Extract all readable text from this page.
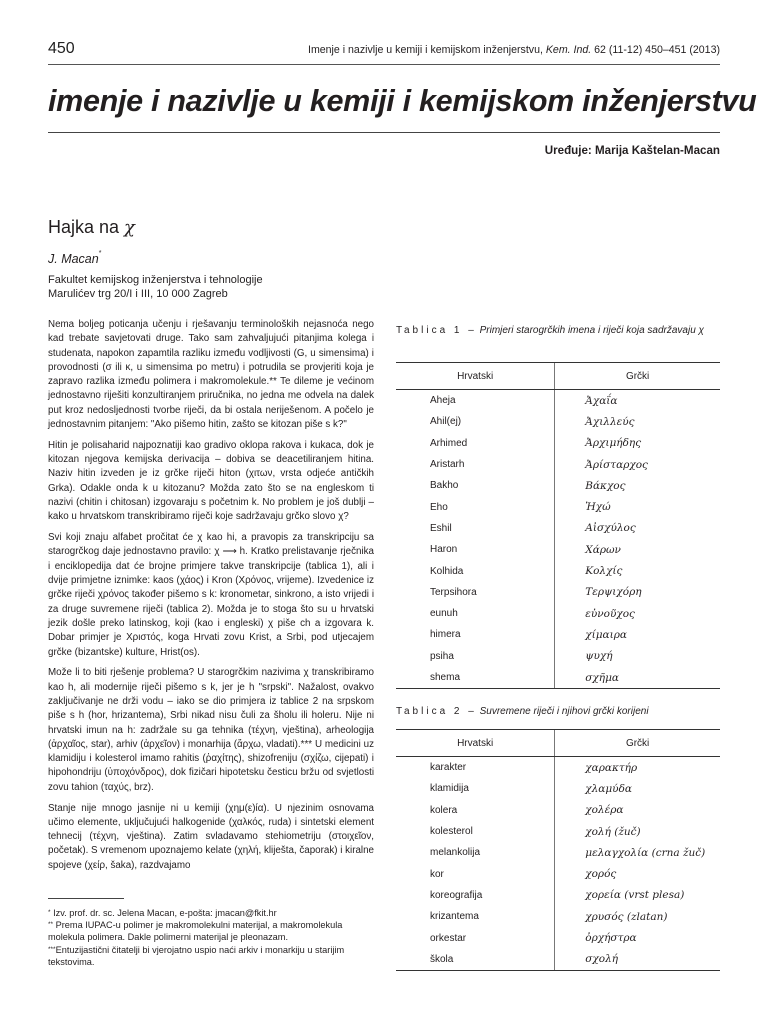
450	Imenje i nazivlje u kemiji i kemijskom inženjerstvu, Kem. Ind. 62 (11-12) 450–451 (2013)
imenje i nazivlje u kemiji i kemijskom inženjerstvu
Uređuje: Marija Kaštelan-Macan
Hajka na χ
J. Macan*
Fakultet kemijskog inženjerstva i tehnologije
Marulićev trg 20/I i III, 10 000 Zagreb

Nema boljeg poticanja učenju i rješavanju terminoloških nejasnoća nego kad trebate savjetovati druge. Tako sam zahvaljujući pitanjima kolega i studenata, napokon zapamtila razliku između vodljivosti (G, u simensima) i provodnosti (σ ili κ, u simensima po metru) i potrudila se provjeriti koja je zapravo razlika između polimera i makromolekule.** Te dileme je većinom jednostavno riješiti konzultiranjem priručnika, no jedna me odvela na dalek put kroz nedosljednosti tvorbe riječi, da bi ostala neriješenom. A počelo je jednostavnim pitanjem: "Ako pišemo hitin, zašto se kitozan piše s k?"

Hitin je polisaharid najpoznatiji kao gradivo oklopa rakova i kukaca, dok je kitozan njegova kemijska derivacija – dobiva se deacetiliranjem hitina. Naziv hitin izveden je iz grčke riječi hiton (χιτων, vrsta odjeće antičkih Grka). Odakle onda k u kitozanu? Možda zato što se na engleskom ti nazivi (chitin i chitosan) izgovaraju s početnim k. No problem je još dublji – kako u hrvatskom transkribiramo riječi koje sadržavaju grčko slovo χ?

Svi koji znaju alfabet pročitat će χ kao hi, a pravopis za transkripciju sa starogrčkog daje jednostavno pravilo: χ ⟶ h. Kratko prelistavanje rječnika i enciklopedija dat će brojne primjere takve transkripcije (tablica 1), ali i dvije primjetne iznimke: kaos (χάος) i Kron (Χρόνος, vrijeme). Izvedenice iz grčke riječi χρόνος također pišemo s k: kronometar, sinkrono, a isto vrijedi i za druge suvremene riječi (tablica 2). Možda je to stoga što su u hrvatski jezik došle preko latinskog, koji (kao i engleski) χ piše ch a izgovara k. Dobar primjer je Χριστός, koga Hrvati zovu Krist, a Srbi, pod utjecajem grčke (bizantske) kulture, Hrist(os).

Može li to biti rješenje problema? U starogrčkim nazivima χ transkribiramo kao h, ali modernije riječi pišemo s k, jer je h "srpski". Nažalost, ovakvo zaključivanje ne drži vodu – iako se dio primjera iz tablice 2 na srpskom piše s h (hor, hrizantema), Srbi nikad nisu čuli za šholu ili holeru. Nije ni hrvatski imun na h: zadržale su ga tehnika (τέχνη, vještina), arheologija (ἀρχαῖος, star), arhiv (ἀρχεῖον) i monarhija (ἄρχω, vladati).*** U medicini uz klamidiju i kolesterol imamo rahitis (ῥαχίτης), shizofreniju (σχίζω, cijepati) i hipohondriju (ὑποχόνδρος), dok fizičari hipotetsku česticu bržu od svjetlosti zovu tahion (ταχύς, brz).

Stanje nije mnogo jasnije ni u kemiji (χημ(ε)ία). U njezinim osnovama učimo elemente, uključujući halkogenide (χαλκός, ruda) i sintetski element tehnecij (τέχνη, vještina). Zatim svladavamo stehiometriju (στοιχεῖον, početak). S vremenom upoznajemo kelate (χηλή, kliješta, čaporak) i kiralne spojeve (χείρ, šaka), razdvajamo

* Izv. prof. dr. sc. Jelena Macan, e-pošta: jmacan@fkit.hr
** Prema IUPAC-u polimer je makromolekulni materijal, a makromolekula molekula polimera. Dakle polimerni materijal je pleonazam.
***Entuzijastični čitatelji bi vjerojatno uspio naći arkiv i monarkiju u starijim tekstovima.
Tablica 1 – Primjeri starogrčkih imena i riječi koja sadržavaju χ
Hrvatski	Grčki
Aheja	Ἀχαΐα
Ahil(ej)	Ἀχιλλεύς
Arhimed	Ἀρχιμήδης
Aristarh	Ἀρίσταρχος
Bakho	Βάκχος
Eho	Ἠχώ
Eshil	Αἰσχύλος
Haron	Χάρων
Kolhida	Κολχίς
Terpsihora	Τερψιχόρη
eunuh	εὐνοῦχος
himera	χίμαιρα
psiha	ψυχή
shema	σχῆμα
Tablica 2 – Suvremene riječi i njihovi grčki korijeni
Hrvatski	Grčki
karakter	χαρακτήρ
klamidija	χλαμύδα
kolera	χολέρα
kolesterol	χολή (žuč)
melankolija	μελαγχολία (crna žuč)
kor	χορός
koreografija	χορεία (vrst plesa)
krizantema	χρυσός (zlatan)
orkestar	ὀρχήστρα
škola	σχολή
